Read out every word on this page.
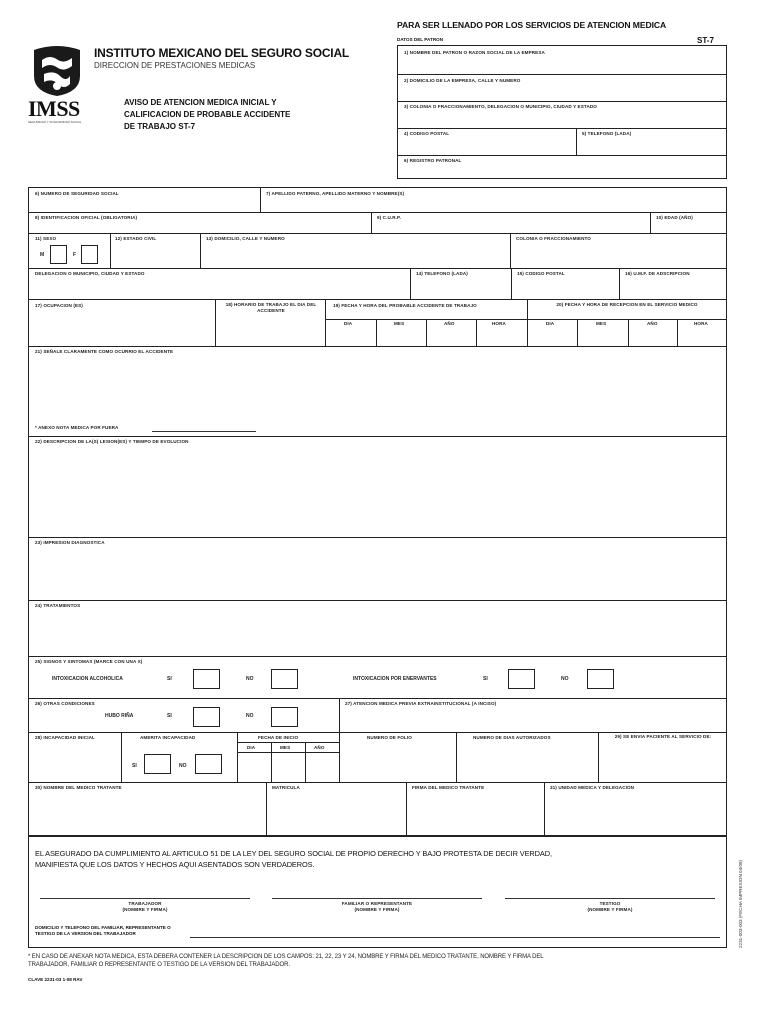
IMSS
SEGURIDAD Y SOLIDARIDAD SOCIAL
INSTITUTO MEXICANO DEL SEGURO SOCIAL
DIRECCION DE PRESTACIONES MEDICAS
AVISO DE ATENCION MEDICA INICIAL Y
CALIFICACION DE PROBABLE ACCIDENTE
DE TRABAJO ST-7
PARA SER LLENADO POR LOS SERVICIOS DE ATENCION MEDICA
DATOS DEL PATRON	ST-7
1) NOMBRE DEL PATRON O RAZON SOCIAL DE LA EMPRESA
2) DOMICILIO DE LA EMPRESA, CALLE Y NUMERO
3) COLONIA O FRACCIONAMIENTO, DELEGACION O MUNICIPIO, CIUDAD Y ESTADO
4) CODIGO POSTAL	5) TELEFONO (LADA)
6) REGISTRO PATRONAL
6) NUMERO DE SEGURIDAD SOCIAL	7) APELLIDO PATERNO, APELLIDO MATERNO Y NOMBRE(S)
8) IDENTIFICACION OFICIAL (OBLIGATORIA)	9) C.U.R.P.	10) EDAD (AÑO)
11) SEXO
M	F
12) ESTADO CIVIL	13) DOMICILIO, CALLE Y NUMERO	COLONIA O FRACCIONAMIENTO
DELEGACION O MUNICIPIO, CIUDAD Y ESTADO	14) TELEFONO (LADA)	15) CODIGO POSTAL	16) U.M.F. DE ADSCRIPCION
17) OCUPACION (ES)	18) HORARIO DE TRABAJO EL DIA DEL ACCIDENTE
19) FECHA Y HORA DEL PROBABLE ACCIDENTE DE TRABAJO	20) FECHA Y HORA DE RECEPCION EN EL SERVICIO MEDICO
DIA	MES	AÑO	HORA	DIA	MES	AÑO	HORA
21) SEÑALE CLARAMENTE COMO OCURRIO EL ACCIDENTE
* ANEXO NOTA MEDICA POR FUERA
22) DESCRIPCION DE LA(S) LESION(ES) Y TIEMPO DE EVOLUCION
23) IMPRESION DIAGNOSTICA
24) TRATAMIENTOS
25) SIGNOS Y SINTOMAS (MARCE CON UNA X)
INTOXICACION ALCOHOLICA	SI	NO	INTOXICACION POR ENERVANTES	SI	NO
26) OTRAS CONDICIONES
HUBO RIÑA	SI	NO
27) ATENCION MEDICA PREVIA EXTRAINSTITUCIONAL (A INCISO)
28) INCAPACIDAD INICIAL	AMERITA INCAPACIDAD
SI	NO
FECHA DE INICIO
DIA	MES	AÑO
NUMERO DE FOLIO	NUMERO DE DIAS AUTORIZADOS	29) SE ENVIA PACIENTE AL SERVICIO DE:
30) NOMBRE DEL MEDICO TRATANTE	MATRICULA	FIRMA DEL MEDICO TRATANTE	31) UNIDAD MEDICA Y DELEGACION
EL ASEGURADO DA CUMPLIMIENTO AL ARTICULO 51 DE LA LEY DEL SEGURO SOCIAL DE PROPIO DERECHO Y BAJO PROTESTA DE DECIR VERDAD,
MANIFIESTA QUE LOS DATOS Y HECHOS AQUI ASENTADOS SON VERDADEROS.
TRABAJADOR
(NOMBRE Y FIRMA)
FAMILIAR O REPRESENTANTE
(NOMBRE Y FIRMA)
TESTIGO
(NOMBRE Y FIRMA)
DOMICILIO Y TELEFONO DEL FAMILIAR, REPRESENTANTE O
TESTIGO DE LA VERSION DEL TRABAJADOR	2231-003-003 (FECHA IMPRESION 04/08)
* EN CASO DE ANEXAR NOTA MEDICA, ESTA DEBERA CONTENER LA DESCRIPCION DE LOS CAMPOS: 21, 22, 23 Y 24, NOMBRE Y FIRMA DEL MEDICO TRATANTE, NOMBRE Y FIRMA DEL
TRABAJADOR, FAMILIAR O REPRESENTANTE O TESTIGO DE LA VERSION DEL TRABAJADOR.
CLAVE 2231-03 1-08 RAV
